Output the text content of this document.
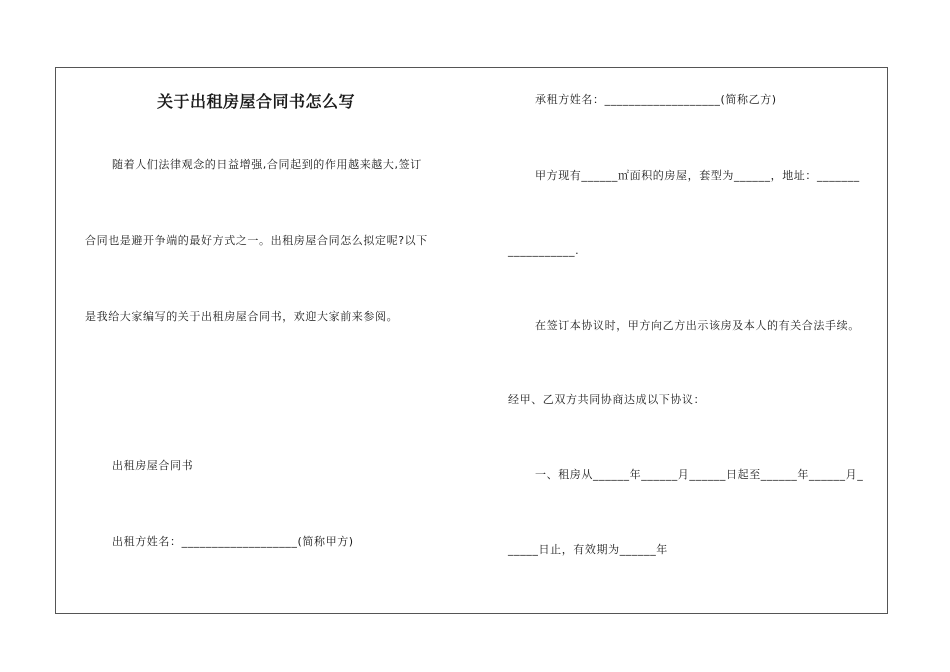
关于出租房屋合同书怎么写
随着人们法律观念的日益增强,合同起到的作用越来越大,签订
合同也是避开争端的最好方式之一。出租房屋合同怎么拟定呢?以下
是我给大家编写的关于出租房屋合同书，欢迎大家前来参阅。
出租房屋合同书
出租方姓名：___________________(简称甲方)
承租方姓名：___________________(简称乙方)
甲方现有______㎡面积的房屋，套型为______，地址：_______
___________.
在签订本协议时，甲方向乙方出示该房及本人的有关合法手续。
经甲、乙双方共同协商达成以下协议：
一、租房从______年______月______日起至______年______月_
_____日止，有效期为______年
